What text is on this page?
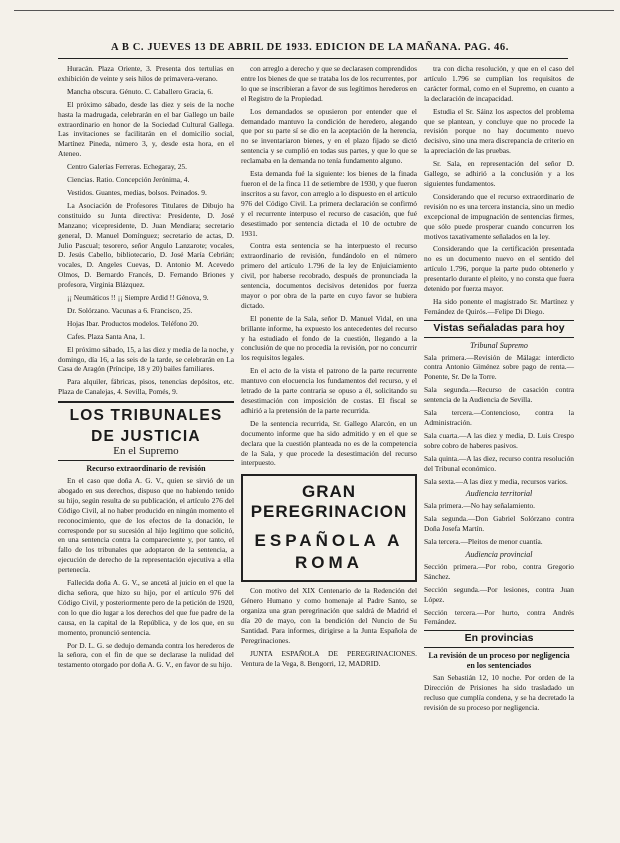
A B C. JUEVES 13 DE ABRIL DE 1933. EDICION DE LA MAÑANA. PAG. 46.

Huracán. Plaza Oriente, 3. Presenta dos tertulias en exhibición de veinte y seis hilos de primavera-verano.

Mancha obscura. Génuto. C. Caballero Gracia, 6.

El próximo sábado, desde las diez y seis de la noche hasta la madrugada, celebrarán en el bar Gallego un baile extraordinario en honor de la Sociedad Cultural Gallega. Las invitaciones se facilitarán en el domicilio social, Martínez Pineda, número 3, y, desde esta hora, en el Ateneo.

Centro Galerías Ferreras. Echegaray, 25.

Ciencias. Ratio. Concepción Jerónima, 4.

Vestidos. Guantes, medias, bolsos. Peinados. 9.

La Asociación de Profesores Titulares de Dibujo ha constituido su Junta directiva: Presidente, D. José Manzano; vicepresidente, D. Juan Mendiara; secretario general, D. Manuel Domínguez; secretario de actas, D. Julio Pascual; tesorero, señor Angulo Lanzarote; vocales, D. Jesús Cabello, bibliotecario, D. José María Cebrián; vocales, D. Angeles Cuevas, D. Antonio M. Acevedo Olmos, D. Bernardo Francés, D. Fernando Briones y profesora, Virginia Blázquez.

¡¡ Neumáticos !! ¡¡ Siempre Ardid !! Génova, 9.

Dr. Solórzano. Vacunas a 6. Francisco, 25.

Hojas Ibar. Productos modelos. Teléfono 20.

Cafes. Plaza Santa Ana, 1.

El próximo sábado, 15, a las diez y media de la noche, y domingo, día 16, a las seis de la tarde, se celebrarán en La Casa de Aragón (Príncipe, 18 y 20) bailes familiares.

Para alquiler, fábricas, pisos, tenencias depósitos, etc. Plaza de Canalejas, 4. Sevilla, Pomés, 9.

LOS TRIBUNALES
DE JUSTICIA
En el Supremo
Recurso extraordinario de revisión

En el caso que doña A. G. V., quien se sirvió de un abogado en sus derechos, dispuso que no habiendo tenido su hijo, según resulta de su publicación, el artículo 276 del Código Civil, al no haber producido en ningún momento el reconocimiento, que de los efectos de la donación, le corresponde por su sucesión al hijo legítimo que solicitó, en una sentencia contra la compareciente y, por tanto, el fallo de los tribunales que adoptaron de la sentencia, a ejecución de derecho de la representación ejecutiva a ella pertenecía.

Fallecida doña A. G. V., se ancetá al juicio en el que la dicha señora, que hizo su hijo, por el artículo 976 del Código Civil, y posteriormente pero de la petición de 1920, con lo que dio lugar a los derechos del que fue padre de la causa, en la capital de la República, y de los que, en su momento, pronunció sentencia.

Por D. L. G. se dedujo demanda contra los herederos de la señora, con el fin de que se declarase la nulidad del testamento otorgado por doña A. G. V., en favor de su hijo.

con arreglo a derecho y que se declarasen comprendidos entre los bienes de que se trataba los de los recurrentes, por lo que se inscribieran a favor de sus legítimos herederos en el Registro de la Propiedad.

Los demandados se opusieron por entender que el demandado mantuvo la condición de heredero, alegando que por su parte sí se dio en la aceptación de la herencia, no se inventariaron bienes, y en el plazo fijado se dictó sentencia y se cumplió en todas sus partes, y que lo que se reclamaba en la demanda no tenía fundamento alguno.

Esta demanda fué la siguiente: los bienes de la finada fueron el de la finca 11 de setiembre de 1930, y que fueron inscritos a su favor, con arreglo a lo dispuesto en el artículo 976 del Código Civil. La primera declaración se confirmó y el recurrente interpuso el recurso de casación, que fué desestimado por sentencia dictada el 10 de octubre de 1931.

Contra esta sentencia se ha interpuesto el recurso extraordinario de revisión, fundándolo en el número primero del artículo 1.796 de la ley de Enjuiciamiento civil, por haberse recobrado, después de pronunciada la sentencia, documentos decisivos detenidos por fuerza mayor o por obra de la parte en cuyo favor se hubiera dictado.

El ponente de la Sala, señor D. Manuel Vidal, en una brillante informe, ha expuesto los antecedentes del recurso y ha estudiado el fondo de la cuestión, llegando a la conclusión de que no procedía la revisión, por no concurrir los requisitos legales.

En el acto de la vista el patrono de la parte recurrente mantuvo con elocuencia los fundamentos del recurso, y el letrado de la parte contraria se opuso a él, solicitando su desestimación con imposición de costas. El fiscal se adhirió a la pretensión de la parte recurrida.

De la sentencia recurrida, Sr. Gallego Alarcón, en un documento informe que ha sido admitido y en el que se declara que la cuestión planteada no es de la competencia de la Sala, y que procede la desestimación del recurso interpuesto.

GRAN PEREGRINACION
ESPAÑOLA A ROMA

Con motivo del XIX Centenario de la Redención del Género Humano y como homenaje al Padre Santo, se organiza una gran peregrinación que saldrá de Madrid el día 20 de mayo, con la bendición del Nuncio de Su Santidad. Para informes, dirigirse a la Junta Española de Peregrinaciones.

JUNTA ESPAÑOLA DE PEREGRINACIONES. Ventura de la Vega, 8. Bengorri, 12, MADRID.

tra con dicha resolución, y que en el caso del artículo 1.796 se cumplían los requisitos de carácter formal, como en el Supremo, en cuanto a la declaración de incapacidad.

Estudia el Sr. Sáinz los aspectos del problema que se plantean, y concluye que no procede la revisión porque no hay documento nuevo decisivo, sino una mera discrepancia de criterio en la apreciación de las pruebas.

Sr. Sala, en representación del señor D. Gallego, se adhirió a la conclusión y a los siguientes fundamentos.

Considerando que el recurso extraordinario de revisión no es una tercera instancia, sino un medio excepcional de impugnación de sentencias firmes, que sólo puede prosperar cuando concurren los motivos taxativamente señalados en la ley.

Considerando que la certificación presentada no es un documento nuevo en el sentido del artículo 1.796, porque la parte pudo obtenerlo y presentarlo durante el pleito, y no consta que fuera detenido por fuerza mayor.

Ha sido ponente el magistrado Sr. Martínez y Fernández de Quirós.—Felipe Di Diego.

Vistas señaladas para hoy
Tribunal Supremo

Sala primera.—Revisión de Málaga: interdicto contra Antonio Giménez sobre pago de renta.—Ponente, Sr. De la Torre.

Sala segunda.—Recurso de casación contra sentencia de la Audiencia de Sevilla.

Sala tercera.—Contencioso, contra la Administración.

Sala cuarta.—A las diez y media, D. Luis Crespo sobre cobro de haberes pasivos.

Sala quinta.—A las diez, recurso contra resolución del Tribunal económico.

Sala sexta.—A las diez y media, recursos varios.

Audiencia territorial

Sala primera.—No hay señalamiento.

Sala segunda.—Don Gabriel Solórzano contra Doña Josefa Martín.

Sala tercera.—Pleitos de menor cuantía.

Audiencia provincial

Sección primera.—Por robo, contra Gregorio Sánchez.

Sección segunda.—Por lesiones, contra Juan López.

Sección tercera.—Por hurto, contra Andrés Fernández.

En provincias
La revisión de un proceso por negligencia en los sentenciados

San Sebastián 12, 10 noche. Por orden de la Dirección de Prisiones ha sido trasladado un recluso que cumplía condena, y se ha decretado la revisión de su proceso por negligencia.
